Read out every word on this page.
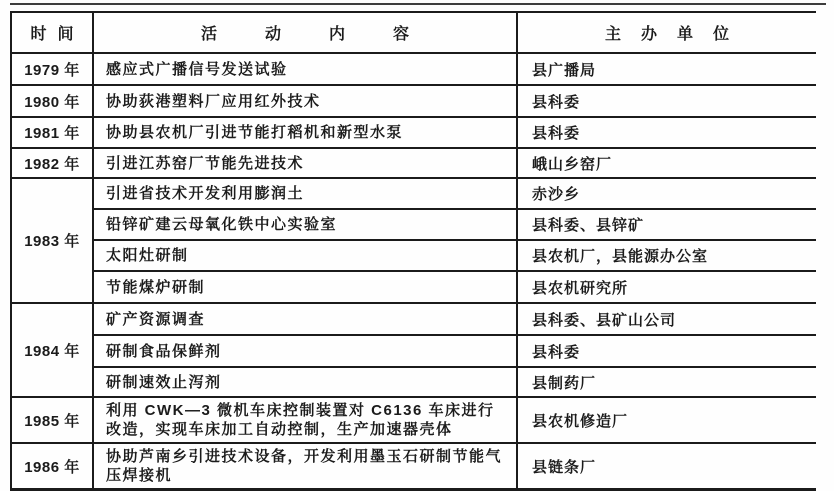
时间	活动内容	主办单位
1979 年	感应式广播信号发送试验	县广播局
1980 年	协助荻港塑料厂应用红外技术	县科委
1981 年	协助县农机厂引进节能打稻机和新型水泵	县科委
1982 年	引进江苏窑厂节能先进技术	峨山乡窑厂
1983 年	引进省技术开发利用膨润土	赤沙乡
	铅锌矿建云母氧化铁中心实验室	县科委、县锌矿
	太阳灶研制	县农机厂，县能源办公室
	节能煤炉研制	县农机研究所
1984 年	矿产资源调查	县科委、县矿山公司
	研制食品保鲜剂	县科委
	研制速效止泻剂	县制药厂
1985 年	利用 CWK—3 微机车床控制装置对 C6136 车床进行改造，实现车床加工自动控制，生产加速器壳体	县农机修造厂
1986 年	协助芦南乡引进技术设备，开发利用墨玉石研制节能气压焊接机	县链条厂
